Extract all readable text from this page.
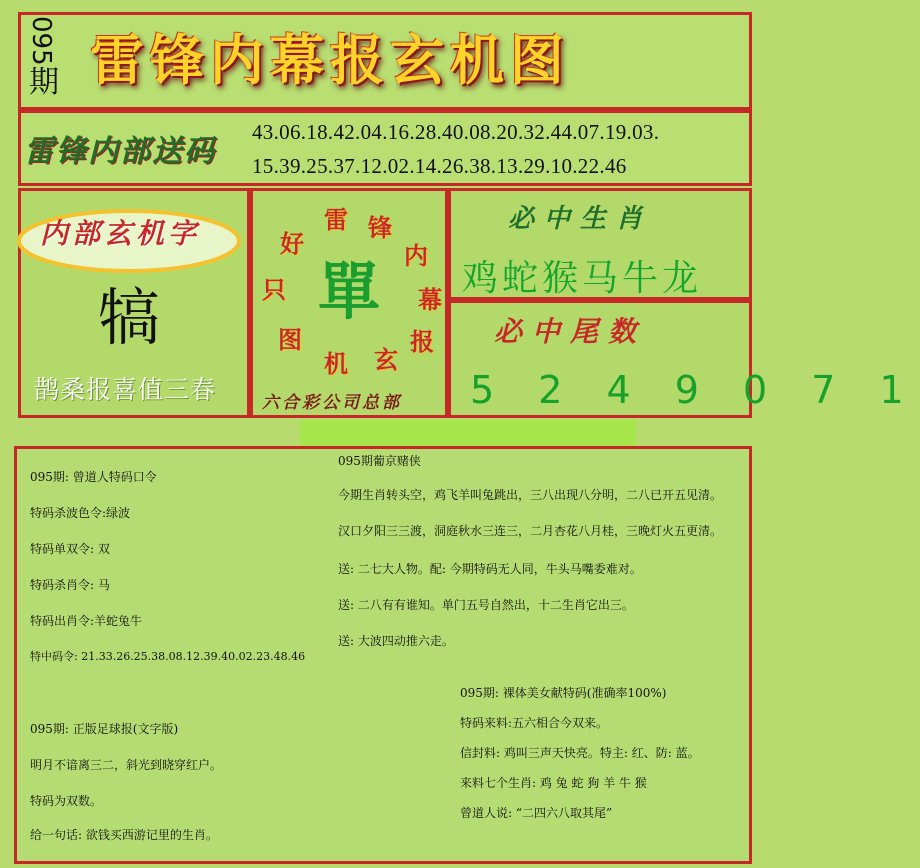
095
期 雷锋内幕报玄机图
雷锋内部送码
43.06.18.42.04.16.28.40.08.20.32.44.07.19.03.
15.39.25.37.12.02.14.26.38.13.29.10.22.46
内部玄机字
犒
鹊桑报喜值三春
雷 锋
内
幕
报
玄
机
图
只
好
單
六合彩公司总部
必中生肖
鸡蛇猴马牛龙
必中尾数
5 2 4 9 0 7 1
095期: 曾道人特码口令
特码杀波色令:绿波
特码单双令: 双
特码杀肖令: 马
特码出肖令:羊蛇兔牛
特中码令: 21.33.26.25.38.08.12.39.40.02.23.48.46
095期葡京赌侠
今期生肖转头空，鸡飞羊叫兔跳出，三八出现八分明，二八已开五见清。
汉口夕阳三三渡，洞庭秋水三连三，二月杏花八月桂，三晚灯火五更清。
送: 二七大人物。配: 今期特码无人同，牛头马嘴委难对。
送: 二八有有谁知。单门五号自然出，十二生肖它出三。
送: 大波四动推六走。
095期: 正版足球报(文字版)
明月不谙离三二，斜光到晓穿红户。
特码为双数。
给一句话: 欲钱买西游记里的生肖。
095期: 裸体美女献特码(准确率100%)
特码来料:五六相合今双来。
信封料: 鸡叫三声天快亮。特主: 红、防: 蓝。
来料七个生肖: 鸡 兔 蛇 狗 羊 牛 猴
曾道人说: “二四六八取其尾”
